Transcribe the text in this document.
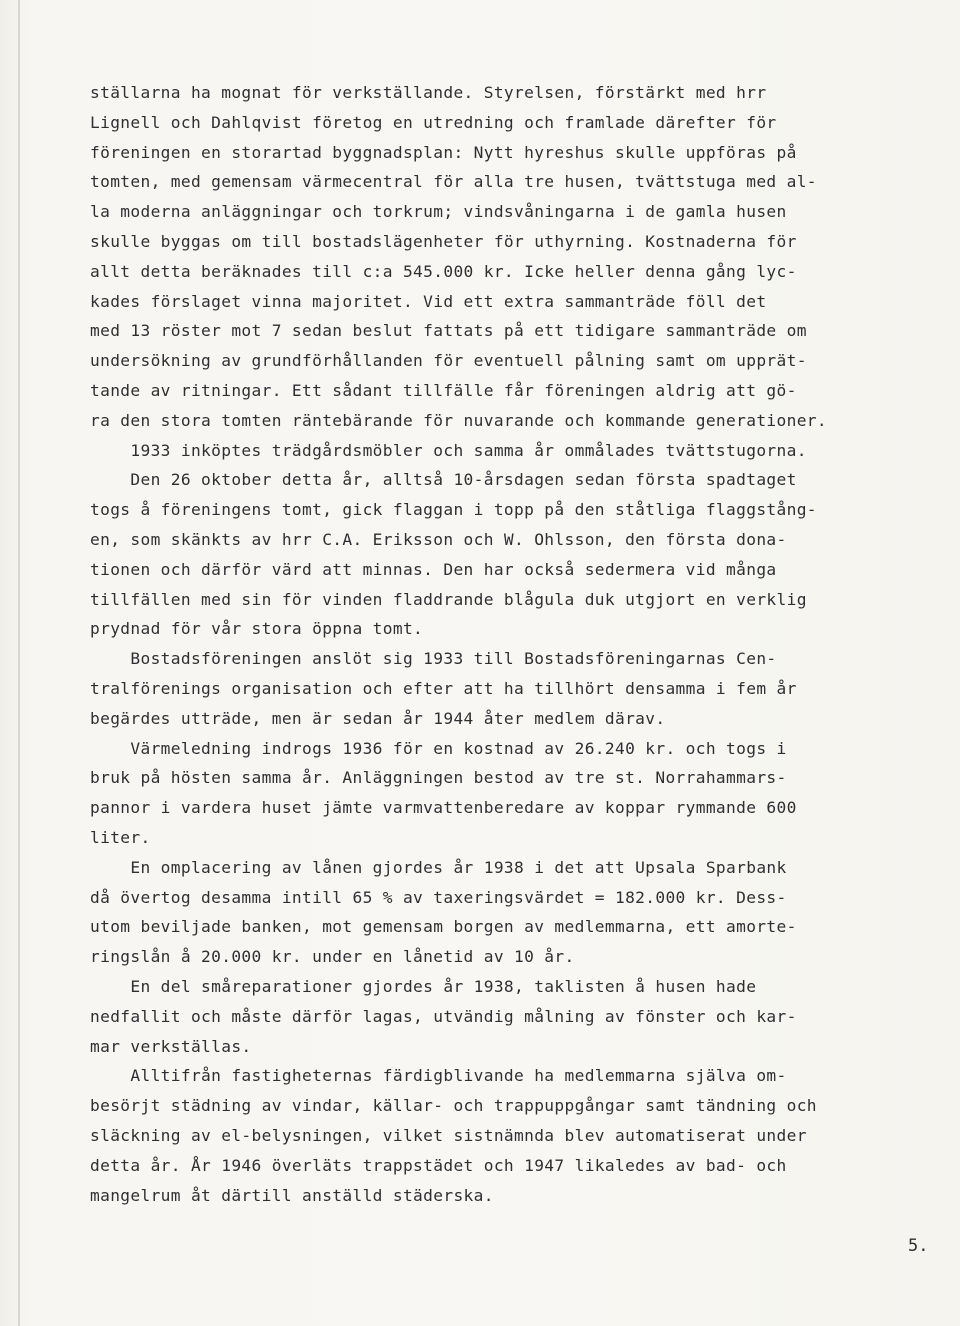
ställarna ha mognat för verkställande. Styrelsen, förstärkt med hrr
Lignell och Dahlqvist företog en utredning och framlade därefter för
föreningen en storartad byggnadsplan: Nytt hyreshus skulle uppföras på
tomten, med gemensam värmecentral för alla tre husen, tvättstuga med al-
la moderna anläggningar och torkrum; vindsvåningarna i de gamla husen
skulle byggas om till bostadslägenheter för uthyrning. Kostnaderna för
allt detta beräknades till c:a 545.000 kr. Icke heller denna gång lyc-
kades förslaget vinna majoritet. Vid ett extra sammanträde föll det
med 13 röster mot 7 sedan beslut fattats på ett tidigare sammanträde om
undersökning av grundförhållanden för eventuell pålning samt om upprät-
tande av ritningar. Ett sådant tillfälle får föreningen aldrig att gö-
ra den stora tomten räntebärande för nuvarande och kommande generationer.
1933 inköptes trädgårdsmöbler och samma år ommålades tvättstugorna.
Den 26 oktober detta år, alltså 10-årsdagen sedan första spadtaget
togs å föreningens tomt, gick flaggan i topp på den ståtliga flaggstång-
en, som skänkts av hrr C.A. Eriksson och W. Ohlsson, den första dona-
tionen och därför värd att minnas. Den har också sedermera vid många
tillfällen med sin för vinden fladdrande blågula duk utgjort en verklig
prydnad för vår stora öppna tomt.
Bostadsföreningen anslöt sig 1933 till Bostadsföreningarnas Cen-
tralförenings organisation och efter att ha tillhört densamma i fem år
begärdes utträde, men är sedan år 1944 åter medlem därav.
Värmeledning indrogs 1936 för en kostnad av 26.240 kr. och togs i
bruk på hösten samma år. Anläggningen bestod av tre st. Norrahammars-
pannor i vardera huset jämte varmvattenberedare av koppar rymmande 600
liter.
En omplacering av lånen gjordes år 1938 i det att Upsala Sparbank
då övertog desamma intill 65 % av taxeringsvärdet = 182.000 kr. Dess-
utom beviljade banken, mot gemensam borgen av medlemmarna, ett amorte-
ringslån å 20.000 kr. under en lånetid av 10 år.
En del småreparationer gjordes år 1938, taklisten å husen hade
nedfallit och måste därför lagas, utvändig målning av fönster och kar-
mar verkställas.
Alltifrån fastigheternas färdigblivande ha medlemmarna själva om-
besörjt städning av vindar, källar- och trappuppgångar samt tändning och
släckning av el-belysningen, vilket sistnämnda blev automatiserat under
detta år. År 1946 överläts trappstädet och 1947 likaledes av bad- och
mangelrum åt därtill anställd städerska.
5.
